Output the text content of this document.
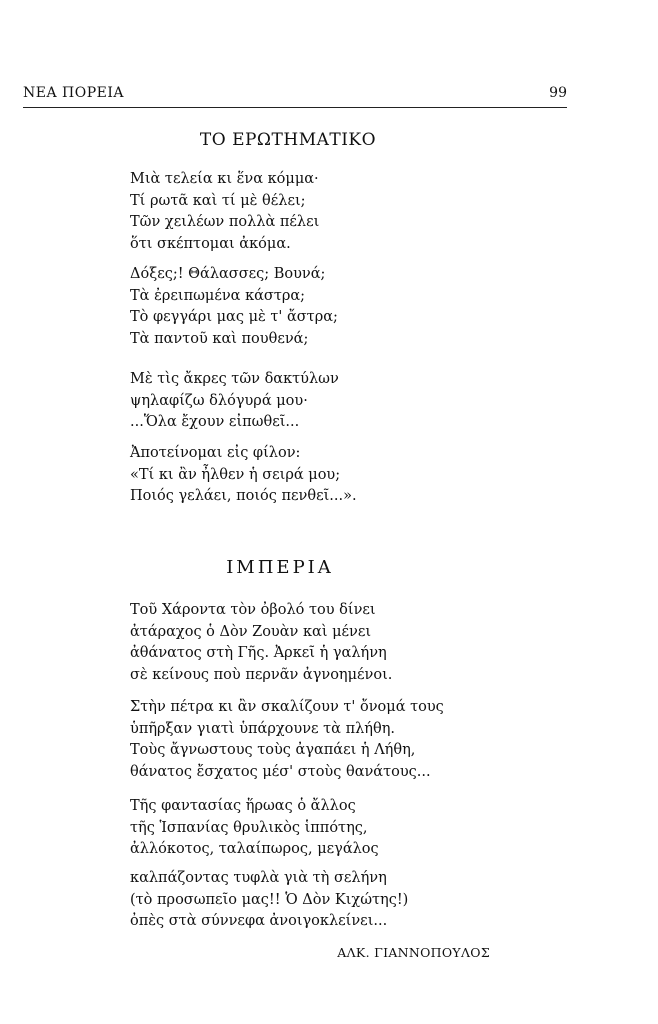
ΝΕΑ ΠΟΡΕΙΑ	99
ΤΟ ΕΡΩΤΗΜΑΤΙΚΟ
Μιὰ τελεία κι ἕνα κόμμα·
Τί ρωτᾶ καὶ τί μὲ θέλει;
Τῶν χειλέων πολλὰ πέλει
ὅτι σκέπτομαι ἀκόμα.
Δόξες;! Θάλασσες; Βουνά;
Τὰ ἐρειπωμένα κάστρα;
Τὸ φεγγάρι μας μὲ τ' ἄστρα;
Τὰ παντοῦ καὶ πουθενά;
Μὲ τὶς ἄκρες τῶν δακτύλων
ψηλαφίζω δλόγυρά μου·
...Ὅλα ἔχουν εἰπωθεῖ...
Ἀποτείνομαι εἰς φίλον:
«Τί κι ἂν ἦλθεν ἡ σειρά μου;
Ποιός γελάει, ποιός πενθεῖ...».
ΙΜΠΕΡΙΑ
Τοῦ Χάροντα τὸν ὀβολό του δίνει
ἀτάραχος ὁ Δὸν Ζουὰν καὶ μένει
ἀθάνατος στὴ Γῆς. Ἀρκεῖ ἡ γαλήνη
σὲ κείνους ποὺ περνᾶν ἀγνοημένοι.
Στὴν πέτρα κι ἂν σκαλίζουν τ' ὄνομά τους
ὑπῆρξαν γιατὶ ὑπάρχουνε τὰ πλήθη.
Τοὺς ἄγνωστους τοὺς ἀγαπάει ἡ Λήθη,
θάνατος ἔσχατος μέσ' στοὺς θανάτους...
Τῆς φαντασίας ἥρωας ὁ ἄλλος
τῆς Ἱσπανίας θρυλικὸς ἱππότης,
ἀλλόκοτος, ταλαίπωρος, μεγάλος
καλπάζοντας τυφλὰ γιὰ τὴ σελήνη
(τὸ προσωπεῖο μας!! Ὁ Δὸν Κιχώτης!)
ὀπὲς στὰ σύννεφα ἀνοιγοκλείνει...
ΑΛΚ. ΓΙΑΝΝΟΠΟΥΛΟΣ
